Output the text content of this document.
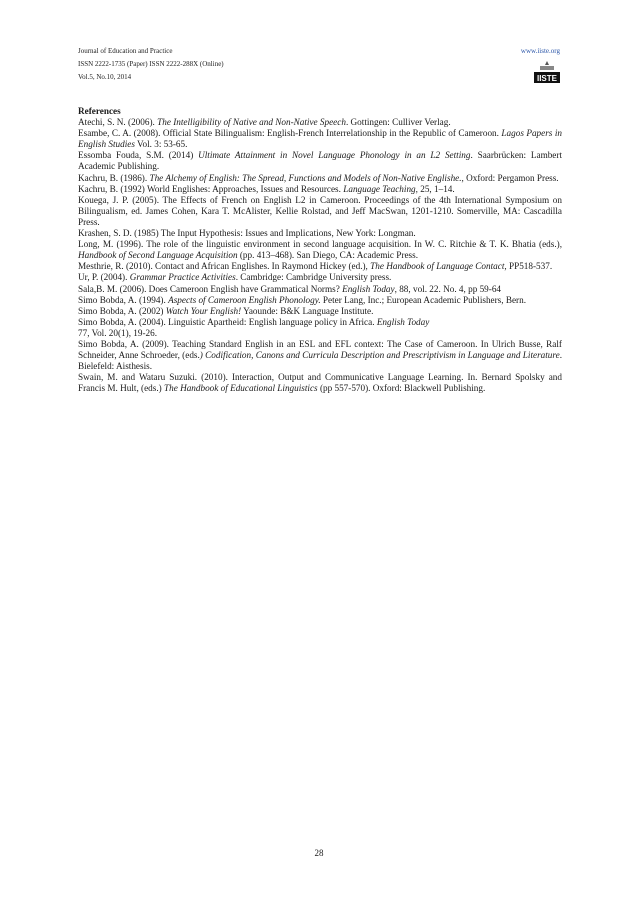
Journal of Education and Practice
ISSN 2222-1735 (Paper) ISSN 2222-288X (Online)
Vol.5, No.10, 2014
www.iiste.org
IISTE
References

Atechi, S. N. (2006). The Intelligibility of Native and Non-Native Speech. Gottingen: Culliver Verlag.

Esambe, C. A. (2008). Official State Bilingualism: English-French Interrelationship in the Republic of Cameroon. Lagos Papers in English Studies Vol. 3: 53-65.

Essomba Fouda, S.M. (2014) Ultimate Attainment in Novel Language Phonology in an L2 Setting. Saarbrücken: Lambert Academic Publishing.

Kachru, B. (1986). The Alchemy of English: The Spread, Functions and Models of Non-Native Englishe., Oxford: Pergamon Press.

Kachru, B. (1992) World Englishes: Approaches, Issues and Resources. Language Teaching, 25, 1–14.

Kouega, J. P. (2005). The Effects of French on English L2 in Cameroon. Proceedings of the 4th International Symposium on Bilingualism, ed. James Cohen, Kara T. McAlister, Kellie Rolstad, and Jeff MacSwan, 1201-1210. Somerville, MA: Cascadilla Press.

Krashen, S. D. (1985) The Input Hypothesis: Issues and Implications, New York: Longman.

Long, M. (1996). The role of the linguistic environment in second language acquisition. In W. C. Ritchie & T. K. Bhatia (eds.), Handbook of Second Language Acquisition (pp. 413–468). San Diego, CA: Academic Press.

Mesthrie, R. (2010). Contact and African Englishes. In Raymond Hickey (ed.), The Handbook of Language Contact, PP518-537.

Ur, P. (2004). Grammar Practice Activities. Cambridge: Cambridge University press.

Sala,B. M. (2006). Does Cameroon English have Grammatical Norms? English Today, 88, vol. 22. No. 4, pp 59-64

Simo Bobda, A. (1994). Aspects of Cameroon English Phonology. Peter Lang, Inc.; European Academic Publishers, Bern.

Simo Bobda, A. (2002) Watch Your English! Yaounde: B&K Language Institute.

Simo Bobda, A. (2004). Linguistic Apartheid: English language policy in Africa. English Today

77, Vol. 20(1), 19-26.

Simo Bobda, A. (2009). Teaching Standard English in an ESL and EFL context: The Case of Cameroon. In Ulrich Busse, Ralf Schneider, Anne Schroeder, (eds.) Codification, Canons and Curricula Description and Prescriptivism in Language and Literature. Bielefeld: Aisthesis.

Swain, M. and Wataru Suzuki. (2010). Interaction, Output and Communicative Language Learning. In. Bernard Spolsky and Francis M. Hult, (eds.) The Handbook of Educational Linguistics (pp 557-570). Oxford: Blackwell Publishing.

28
